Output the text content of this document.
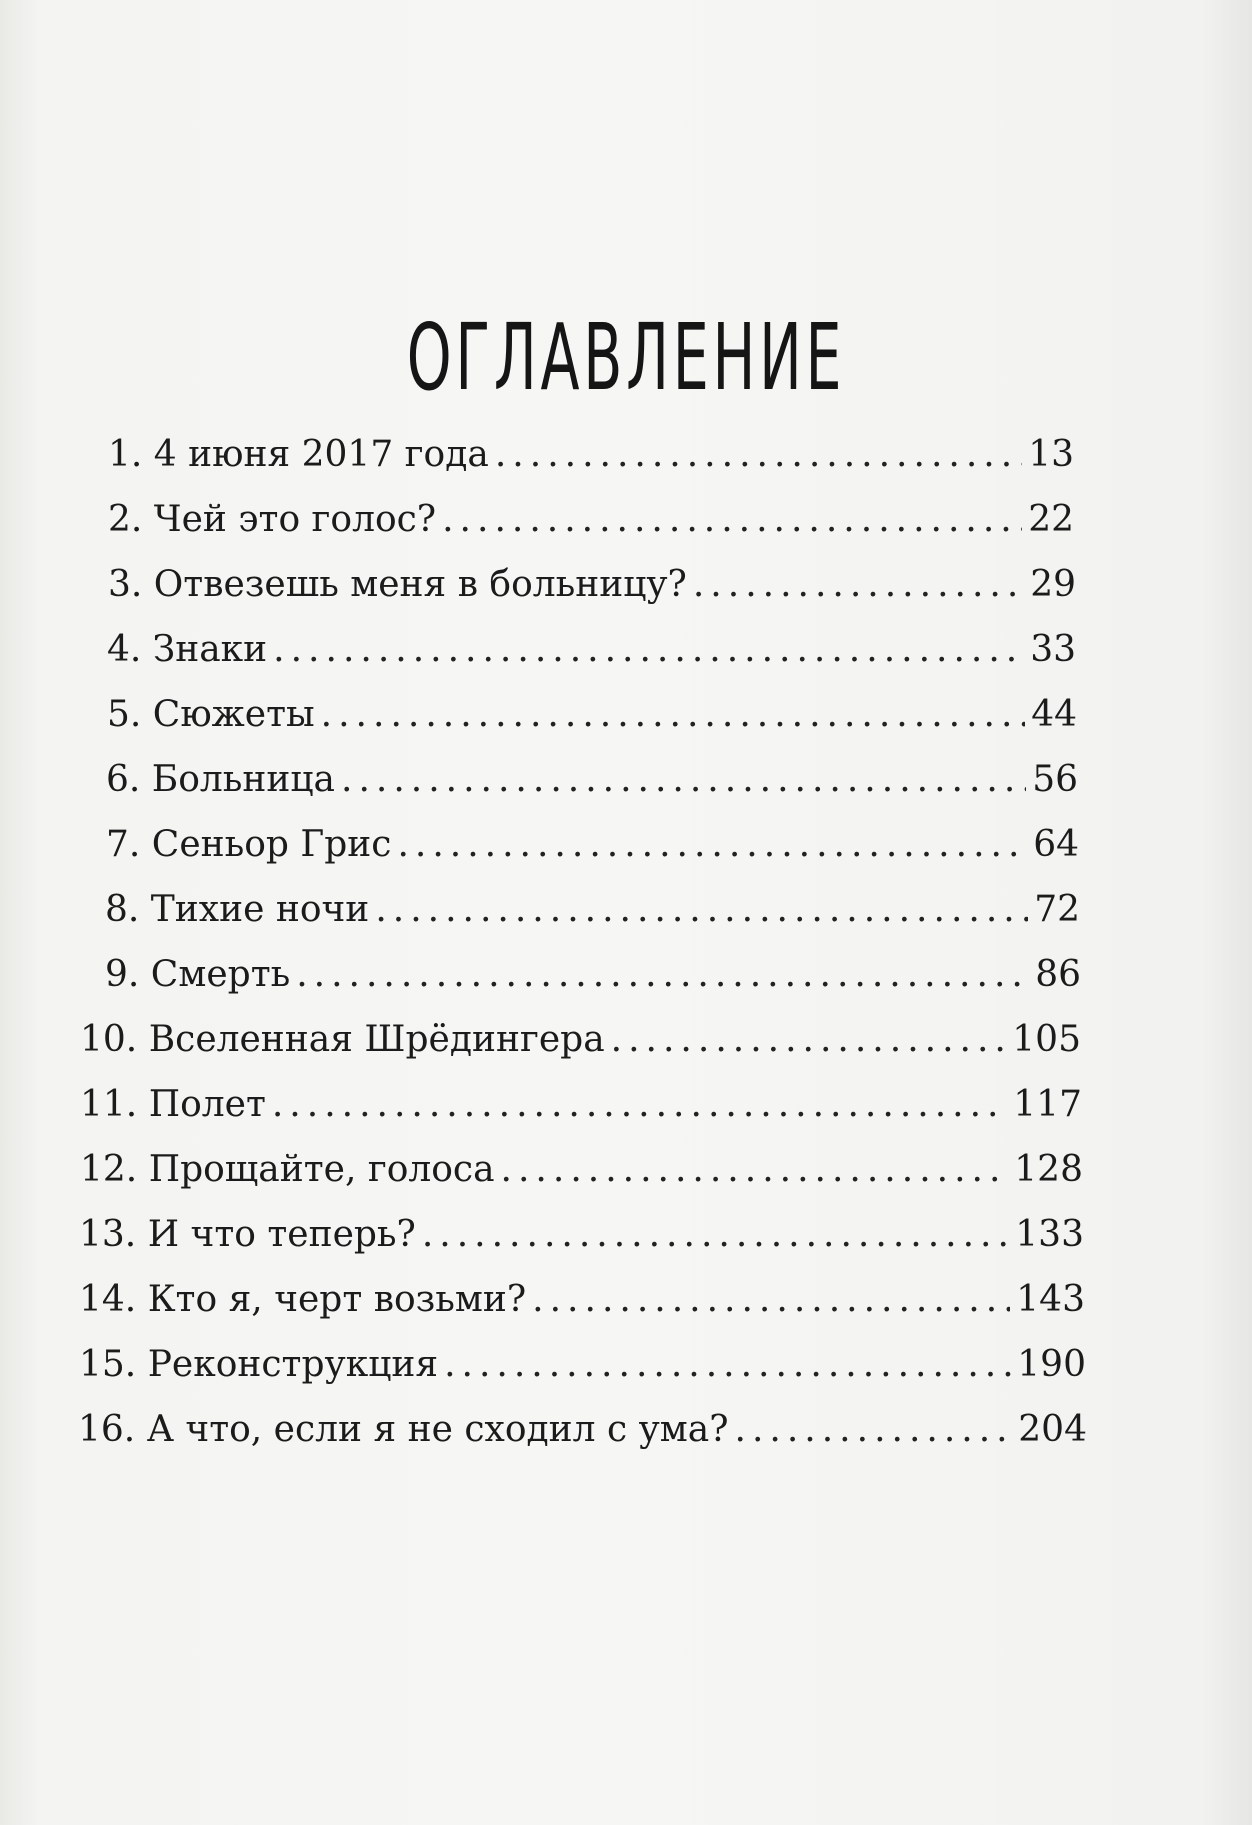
ОГЛАВЛЕНИЕ
1. 4 июня 2017 года .....	13
2. Чей это голос? .....	22
3. Отвезешь меня в больницу? .....	29
4. Знаки .....	33
5. Сюжеты .....	44
6. Больница .....	56
7. Сеньор Грис .....	64
8. Тихие ночи .....	72
9. Смерть .....	86
10. Вселенная Шрёдингера .....	105
11. Полет .....	117
12. Прощайте, голоса .....	128
13. И что теперь? .....	133
14. Кто я, черт возьми? .....	143
15. Реконструкция .....	190
16. А что, если я не сходил с ума? .....	204
